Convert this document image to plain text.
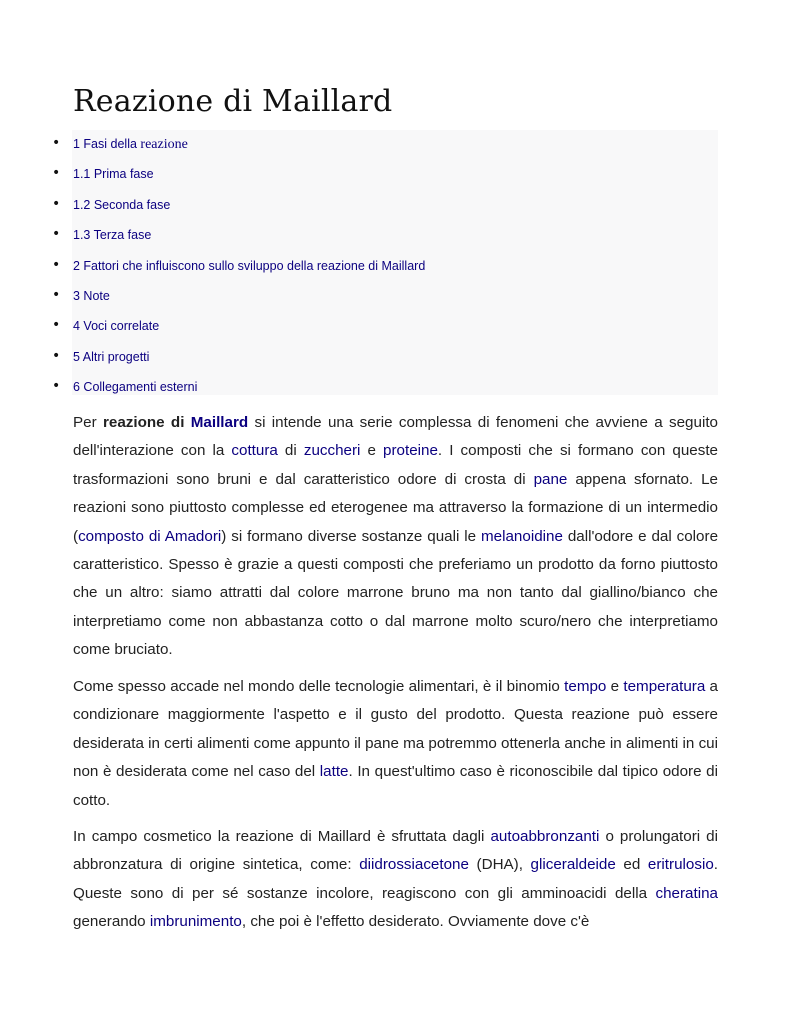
Reazione di Maillard
• 1 Fasi della reazione
• 1.1 Prima fase
• 1.2 Seconda fase
• 1.3 Terza fase
• 2 Fattori che influiscono sullo sviluppo della reazione di Maillard
• 3 Note
• 4 Voci correlate
• 5 Altri progetti
• 6 Collegamenti esterni

Per reazione di Maillard si intende una serie complessa di fenomeni che avviene a seguito dell'interazione con la cottura di zuccheri e proteine. I composti che si formano con queste trasformazioni sono bruni e dal caratteristico odore di crosta di pane appena sfornato. Le reazioni sono piuttosto complesse ed eterogenee ma attraverso la formazione di un intermedio (composto di Amadori) si formano diverse sostanze quali le melanoidine dall'odore e dal colore caratteristico. Spesso è grazie a questi composti che preferiamo un prodotto da forno piuttosto che un altro: siamo attratti dal colore marrone bruno ma non tanto dal giallino/bianco che interpretiamo come non abbastanza cotto o dal marrone molto scuro/nero che interpretiamo come bruciato.

Come spesso accade nel mondo delle tecnologie alimentari, è il binomio tempo e temperatura a condizionare maggiormente l'aspetto e il gusto del prodotto. Questa reazione può essere desiderata in certi alimenti come appunto il pane ma potremmo ottenerla anche in alimenti in cui non è desiderata come nel caso del latte. In quest'ultimo caso è riconoscibile dal tipico odore di cotto.

In campo cosmetico la reazione di Maillard è sfruttata dagli autoabbronzanti o prolungatori di abbronzatura di origine sintetica, come: diidrossiacetone (DHA), gliceraldeide ed eritrulosio. Queste sono di per sé sostanze incolore, reagiscono con gli amminoacidi della cheratina generando imbrunimento, che poi è l'effetto desiderato. Ovviamente dove c'è
